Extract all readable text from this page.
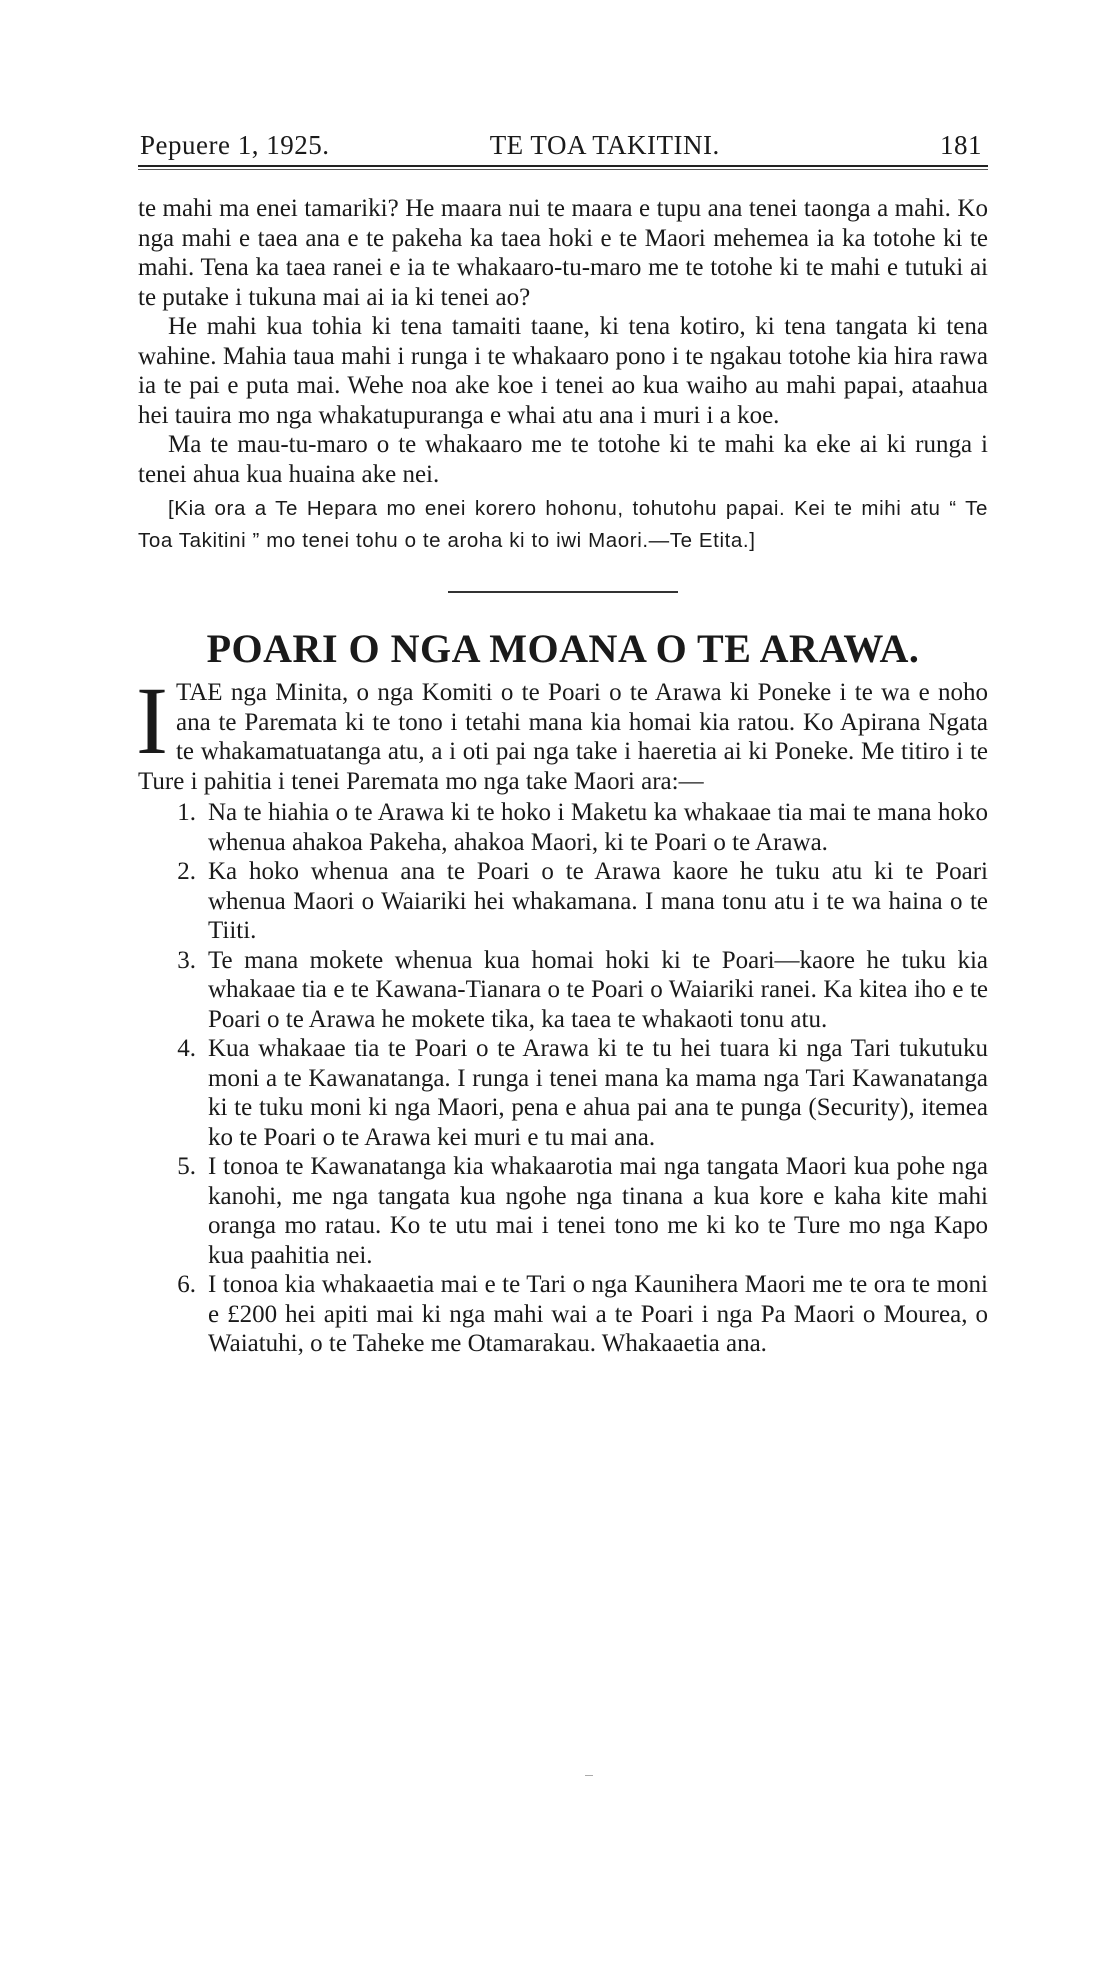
Pepuere 1, 1925.	TE TOA TAKITINI.	181

te mahi ma enei tamariki? He maara nui te maara e tupu ana tenei taonga a mahi. Ko nga mahi e taea ana e te pakeha ka taea hoki e te Maori mehemea ia ka totohe ki te mahi. Tena ka taea ranei e ia te whakaaro-tu-maro me te totohe ki te mahi e tutuki ai te putake i tukuna mai ai ia ki tenei ao?

He mahi kua tohia ki tena tamaiti taane, ki tena kotiro, ki tena tangata ki tena wahine. Mahia taua mahi i runga i te whakaaro pono i te ngakau totohe kia hira rawa ia te pai e puta mai. Wehe noa ake koe i tenei ao kua waiho au mahi papai, ataahua hei tauira mo nga whakatupuranga e whai atu ana i muri i a koe.

Ma te mau-tu-maro o te whakaaro me te totohe ki te mahi ka eke ai ki runga i tenei ahua kua huaina ake nei.

[Kia ora a Te Hepara mo enei korero hohonu, tohutohu papai. Kei te mihi atu “ Te Toa Takitini ” mo tenei tohu o te aroha ki to iwi Maori.—Te Etita.]

POARI O NGA MOANA O TE ARAWA.

ITAE nga Minita, o nga Komiti o te Poari o te Arawa ki Poneke i te wa e noho ana te Paremata ki te tono i tetahi mana kia homai kia ratou. Ko Apirana Ngata te whakamatuatanga atu, a i oti pai nga take i haeretia ai ki Poneke. Me titiro i te Ture i pahitia i tenei Paremata mo nga take Maori ara:—

1. Na te hiahia o te Arawa ki te hoko i Maketu ka whakaae tia mai te mana hoko whenua ahakoa Pakeha, ahakoa Maori, ki te Poari o te Arawa.

2. Ka hoko whenua ana te Poari o te Arawa kaore he tuku atu ki te Poari whenua Maori o Waiariki hei whakamana. I mana tonu atu i te wa haina o te Tiiti.

3. Te mana mokete whenua kua homai hoki ki te Poari—kaore he tuku kia whakaae tia e te Kawana-Tianara o te Poari o Waiariki ranei. Ka kitea iho e te Poari o te Arawa he mokete tika, ka taea te whakaoti tonu atu.

4. Kua whakaae tia te Poari o te Arawa ki te tu hei tuara ki nga Tari tukutuku moni a te Kawanatanga. I runga i tenei mana ka mama nga Tari Kawanatanga ki te tuku moni ki nga Maori, pena e ahua pai ana te punga (Security), itemea ko te Poari o te Arawa kei muri e tu mai ana.

5. I tonoa te Kawanatanga kia whakaarotia mai nga tangata Maori kua pohe nga kanohi, me nga tangata kua ngohe nga tinana a kua kore e kaha kite mahi oranga mo ratau. Ko te utu mai i tenei tono me ki ko te Ture mo nga Kapo kua paahitia nei.

6. I tonoa kia whakaaetia mai e te Tari o nga Kaunihera Maori me te ora te moni e £200 hei apiti mai ki nga mahi wai a te Poari i nga Pa Maori o Mourea, o Waiatuhi, o te Taheke me Otamarakau. Whakaaetia ana.
